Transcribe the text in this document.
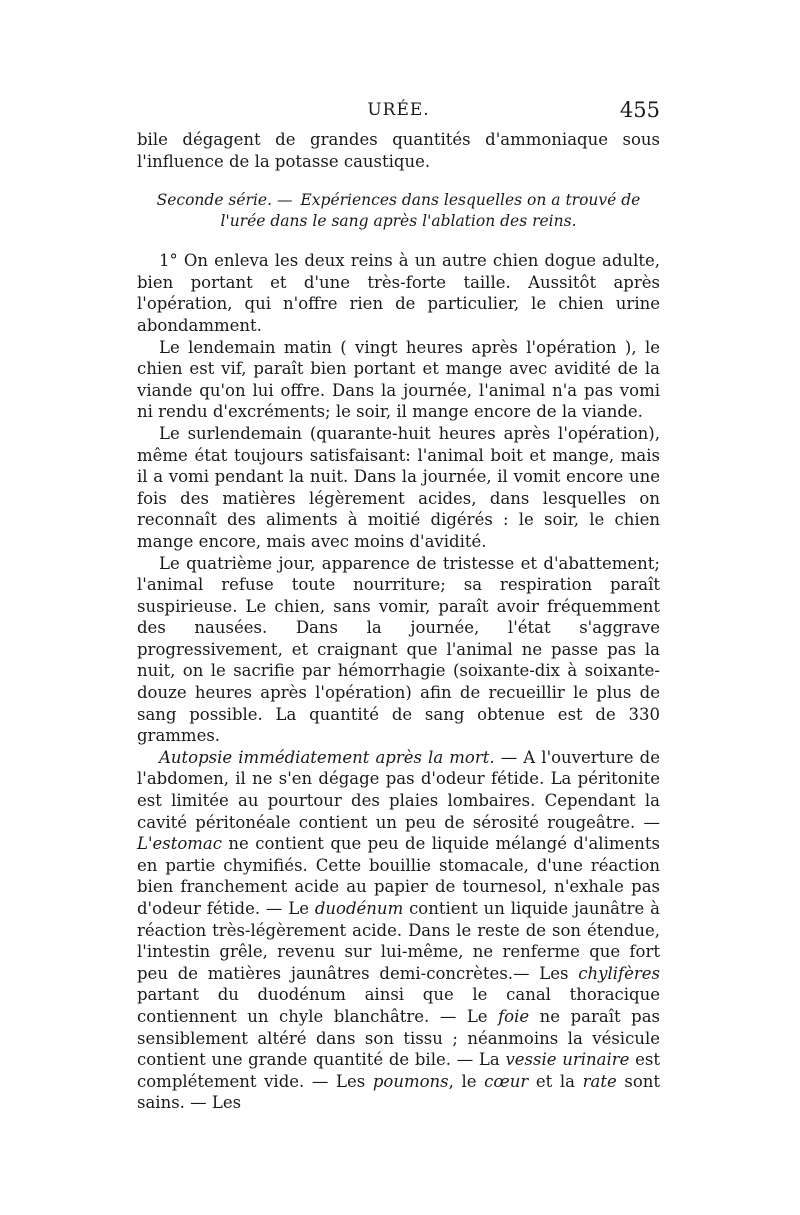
URÉE.	455

bile dégagent de grandes quantités d'ammoniaque sous l'influence de la potasse caustique.

Seconde série. — Expériences dans lesquelles on a trouvé de l'urée dans le sang après l'ablation des reins.

1° On enleva les deux reins à un autre chien dogue adulte, bien portant et d'une très-forte taille. Aussitôt après l'opération, qui n'offre rien de particulier, le chien urine abondamment.

Le lendemain matin ( vingt heures après l'opération ), le chien est vif, paraît bien portant et mange avec avidité de la viande qu'on lui offre. Dans la journée, l'animal n'a pas vomi ni rendu d'excréments; le soir, il mange encore de la viande.

Le surlendemain (quarante-huit heures après l'opération), même état toujours satisfaisant: l'animal boit et mange, mais il a vomi pendant la nuit. Dans la journée, il vomit encore une fois des matières légèrement acides, dans lesquelles on reconnaît des aliments à moitié digérés : le soir, le chien mange encore, mais avec moins d'avidité.

Le quatrième jour, apparence de tristesse et d'abattement; l'animal refuse toute nourriture; sa respiration paraît suspirieuse. Le chien, sans vomir, paraît avoir fréquemment des nausées. Dans la journée, l'état s'aggrave progressivement, et craignant que l'animal ne passe pas la nuit, on le sacrifie par hémorrhagie (soixante-dix à soixante-douze heures après l'opération) afin de recueillir le plus de sang possible. La quantité de sang obtenue est de 330 grammes.

Autopsie immédiatement après la mort. — A l'ouverture de l'abdomen, il ne s'en dégage pas d'odeur fétide. La péritonite est limitée au pourtour des plaies lombaires. Cependant la cavité péritonéale contient un peu de sérosité rougeâtre. — L'estomac ne contient que peu de liquide mélangé d'aliments en partie chymifiés. Cette bouillie stomacale, d'une réaction bien franchement acide au papier de tournesol, n'exhale pas d'odeur fétide. — Le duodénum contient un liquide jaunâtre à réaction très-légèrement acide. Dans le reste de son étendue, l'intestin grêle, revenu sur lui-même, ne renferme que fort peu de matières jaunâtres demi-concrètes.— Les chylifères partant du duodénum ainsi que le canal thoracique contiennent un chyle blanchâtre. — Le foie ne paraît pas sensiblement altéré dans son tissu ; néanmoins la vésicule contient une grande quantité de bile. — La vessie urinaire est complétement vide. — Les poumons, le cœur et la rate sont sains. — Les
